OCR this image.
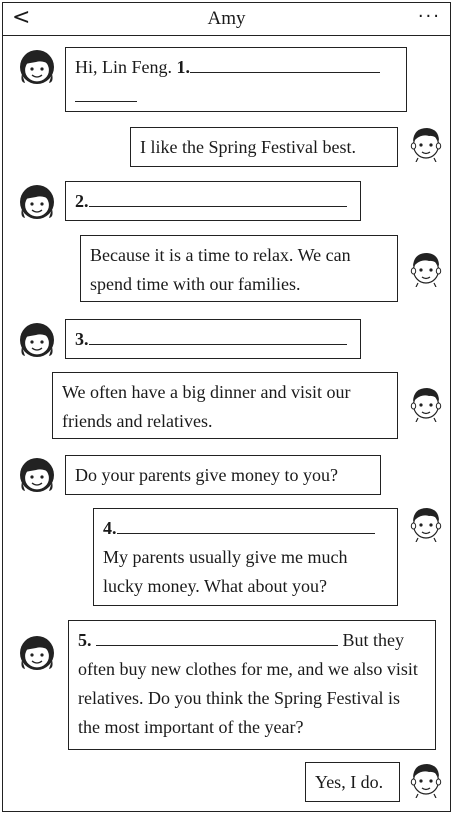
<	Amy	···
Hi, Lin Feng. 1.

I like the Spring Festival best.
2.
Because it is a time to relax. We can spend time with our families.
3.
We often have a big dinner and visit our friends and relatives.
Do your parents give money to you?
4.
My parents usually give me much lucky money. What about you?
5.	But they often buy new clothes for me, and we also visit relatives. Do you think the Spring Festival is the most important of the year?
Yes, I do.
